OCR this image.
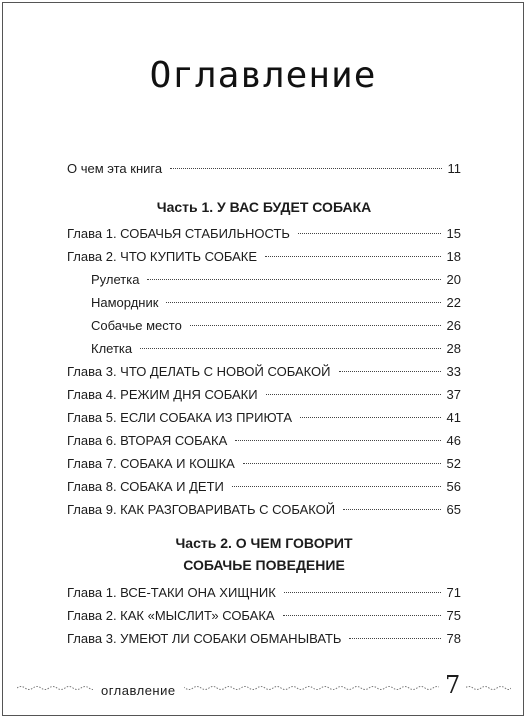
Оглавление
О чем эта книга	11
Часть 1. У ВАС БУДЕТ СОБАКА
Глава 1. СОБАЧЬЯ СТАБИЛЬНОСТЬ	15
Глава 2. ЧТО КУПИТЬ СОБАКЕ	18
Рулетка	20
Намордник	22
Собачье место	26
Клетка	28
Глава 3. ЧТО ДЕЛАТЬ С НОВОЙ СОБАКОЙ	33
Глава 4. РЕЖИМ ДНЯ СОБАКИ	37
Глава 5. ЕСЛИ СОБАКА ИЗ ПРИЮТА	41
Глава 6. ВТОРАЯ СОБАКА	46
Глава 7. СОБАКА И КОШКА	52
Глава 8. СОБАКА И ДЕТИ	56
Глава 9. КАК РАЗГОВАРИВАТЬ С СОБАКОЙ	65
Часть 2. О ЧЕМ ГОВОРИТ
СОБАЧЬЕ ПОВЕДЕНИЕ
Глава 1. ВСЕ-ТАКИ ОНА ХИЩНИК	71
Глава 2. КАК «МЫСЛИТ» СОБАКА	75
Глава 3. УМЕЮТ ЛИ СОБАКИ ОБМАНЫВАТЬ	78
оглавление	7
